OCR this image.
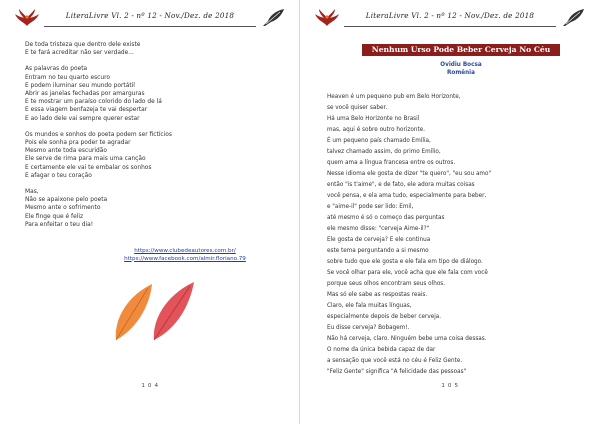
LiteraLivre Vl. 2 - nº 12 - Nov./Dez. de 2018
De toda tristeza que dentro dele existe
E te fará acreditar não ser verdade...
As palavras do poeta
Entram no teu quarto escuro
E podem iluminar seu mundo portátil
Abrir as janelas fechadas por amarguras
E te mostrar um paraíso colorido do lado de lá
E essa viagem benfazeja te vai despertar
E ao lado dele vai sempre querer estar
Os mundos e sonhos do poeta podem ser fictícios
Pois ele sonha pra poder te agradar
Mesmo ante toda escuridão
Ele serve de rima para mais uma canção
E certamente ele vai te embalar os sonhos
E afagar o teu coração
Mas,
Não se apaixone pelo poeta
Mesmo ante o sofrimento
Ele finge que é feliz
Para enfeitar o teu dia!
https://www.clubedeautores.com.br/
https://www.facebook.com/almir.floriano.79
1 0 4
LiteraLivre Vl. 2 - nº 12 - Nov./Dez. de 2018
Nenhum Urso Pode Beber Cerveja No Céu
Ovidiu Bocsa
Romênia
Heaven é um pequeno pub em Belo Horizonte,
se você quiser saber.
Há uma Belo Horizonte no Brasil
mas, aqui é sobre outro horizonte.
É um pequeno país chamado Emília,
talvez chamado assim, do primo Emílio,
quem ama a língua francesa entre os outros.
Nesse idioma ele gosta de dizer "te quero", "eu sou amo"
então "is t'aime", e de fato, ele adora muitas coisas
você pensa, e ela ama tudo, especialmente para beber,
e "aime-il" pode ser lido: Emil,
até mesmo é só o começo das perguntas
ele mesmo disse: "cerveja Aime-il?"
Ele gosta de cerveja? E ele continua
este tema perguntando a si mesmo
sobre tudo que ele gosta e ele fala em tipo de diálogo.
Se você olhar para ele, você acha que ele fala com você
porque seus olhos encontram seus olhos.
Mas só ele sabe as respostas reais.
Claro, ele fala muitas línguas,
especialmente depois de beber cerveja.
Eu disse cerveja? Bobagem!.
Não há cerveja, claro. Ninguém bebe uma coisa dessas.
O nome da única bebida capaz de dar
a sensação que você está no céu é Feliz Gente.
"Feliz Gente" significa "A felicidade das pessoas"
1 0 5
